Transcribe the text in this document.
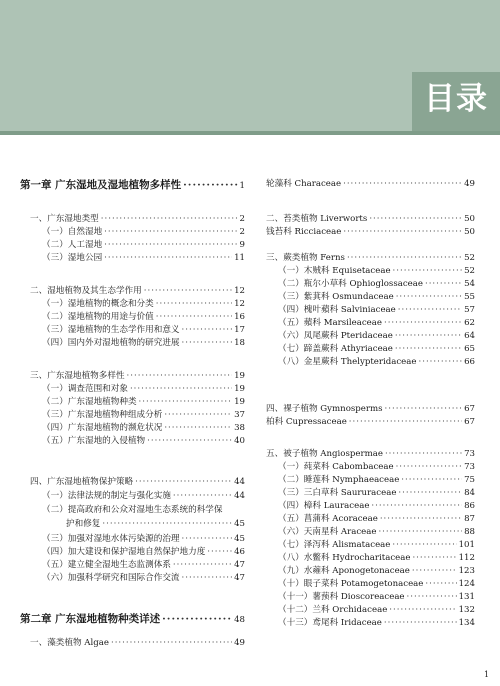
目录
第一章 广东湿地及湿地植物多样性 ·····	1
一、广东湿地类型 ·····	2
（一）自然湿地 ·····	2
（二）人工湿地 ·····	9
（三）湿地公园 ·····	11
二、湿地植物及其生态学作用 ·····	12
（一）湿地植物的概念和分类 ·····	12
（二）湿地植物的用途与价值 ·····	16
（三）湿地植物的生态学作用和意义 ·····	17
（四）国内外对湿地植物的研究进展 ·····	18
三、广东湿地植物多样性 ·····	19
（一）调查范围和对象 ·····	19
（二）广东湿地植物种类 ·····	19
（三）广东湿地植物种组成分析 ·····	37
（四）广东湿地植物的濒危状况 ·····	38
（五）广东湿地的入侵植物 ·····	40
四、广东湿地植物保护策略 ·····	44
（一）法律法规的制定与强化实施 ·····	44
（二）提高政府和公众对湿地生态系统的科学保
护和修复 ·····	45
（三）加强对湿地水体污染源的治理 ·····	45
（四）加大建设和保护湿地自然保护地力度 ·····	46
（五）建立健全湿地生态监测体系 ·····	47
（六）加强科学研究和国际合作交流 ·····	47
第二章 广东湿地植物种类详述 ·····	48
一、藻类植物 Algae ·····	49
轮藻科 Characeae ·····	49
二、苔类植物 Liverworts ·····	50
钱苔科 Ricciaceae ·····	50
三、蕨类植物 Ferns ·····	52
（一）木贼科 Equisetaceae ·····	52
（二）瓶尔小草科 Ophioglossaceae ·····	54
（三）紫萁科 Osmundaceae ·····	55
（四）槐叶蘋科 Salviniaceae ·····	57
（五）蘋科 Marsileaceae ·····	62
（六）凤尾蕨科 Pteridaceae ·····	64
（七）蹄盖蕨科 Athyriaceae ·····	65
（八）金星蕨科 Thelypteridaceae ·····	66
四、裸子植物 Gymnosperms ·····	67
柏科 Cupressaceae ·····	67
五、被子植物 Angiospermae ·····	73
（一）莼菜科 Cabombaceae ·····	73
（二）睡莲科 Nymphaeaceae ·····	75
（三）三白草科 Saururaceae ·····	84
（四）樟科 Lauraceae ·····	86
（五）菖蒲科 Acoraceae ·····	87
（六）天南星科 Araceae ·····	88
（七）泽泻科 Alismataceae ·····	101
（八）水鳖科 Hydrocharitaceae ·····	112
（九）水蕹科 Aponogetonaceae ·····	123
（十）眼子菜科 Potamogetonaceae ·····	124
（十一）薯蓣科 Dioscoreaceae ·····	131
（十二）兰科 Orchidaceae ·····	132
（十三）鸢尾科 Iridaceae ·····	134
1
